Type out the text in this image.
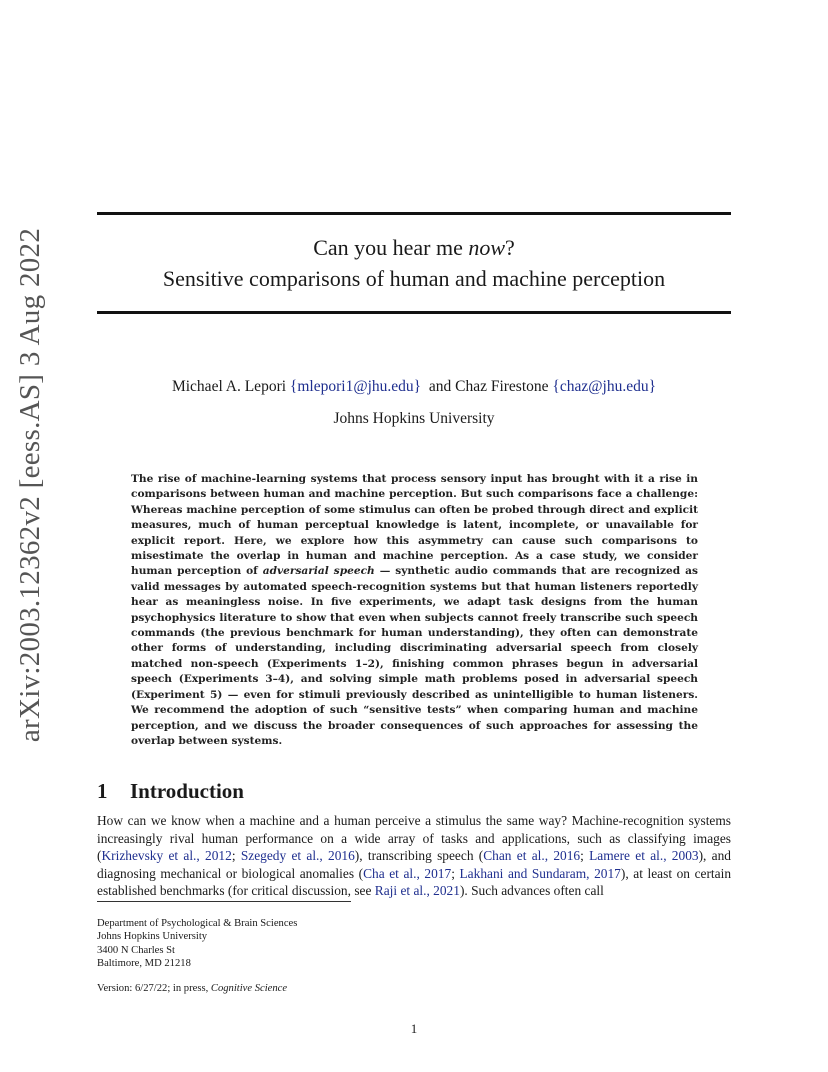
arXiv:2003.12362v2 [eess.AS] 3 Aug 2022	Can you hear me now?
Sensitive comparisons of human and machine perception
Michael A. Lepori {mlepori1@jhu.edu}  and Chaz Firestone {chaz@jhu.edu}
Johns Hopkins University

The rise of machine-learning systems that process sensory input has brought with it a rise in comparisons between human and machine perception. But such comparisons face a challenge: Whereas machine perception of some stimulus can often be probed through direct and explicit measures, much of human perceptual knowledge is latent, incomplete, or unavailable for explicit report. Here, we explore how this asymmetry can cause such comparisons to misestimate the overlap in human and machine perception. As a case study, we consider human perception of adversarial speech — synthetic audio commands that are recognized as valid messages by automated speech-recognition systems but that human listeners reportedly hear as meaningless noise. In five experiments, we adapt task designs from the human psychophysics literature to show that even when subjects cannot freely transcribe such speech commands (the previous benchmark for human understanding), they often can demonstrate other forms of understanding, including discriminating adversarial speech from closely matched non-speech (Experiments 1–2), finishing common phrases begun in adversarial speech (Experiments 3–4), and solving simple math problems posed in adversarial speech (Experiment 5) — even for stimuli previously described as unintelligible to human listeners. We recommend the adoption of such “sensitive tests” when comparing human and machine perception, and we discuss the broader consequences of such approaches for assessing the overlap between systems.

1 Introduction

How can we know when a machine and a human perceive a stimulus the same way? Machine-recognition systems increasingly rival human performance on a wide array of tasks and applications, such as classifying images (Krizhevsky et al., 2012; Szegedy et al., 2016), transcribing speech (Chan et al., 2016; Lamere et al., 2003), and diagnosing mechanical or biological anomalies (Cha et al., 2017; Lakhani and Sundaram, 2017), at least on certain established benchmarks (for critical discussion, see Raji et al., 2021). Such advances often call

Department of Psychological & Brain Sciences
Johns Hopkins University
3400 N Charles St
Baltimore, MD 21218
Version: 6/27/22; in press, Cognitive Science
1
